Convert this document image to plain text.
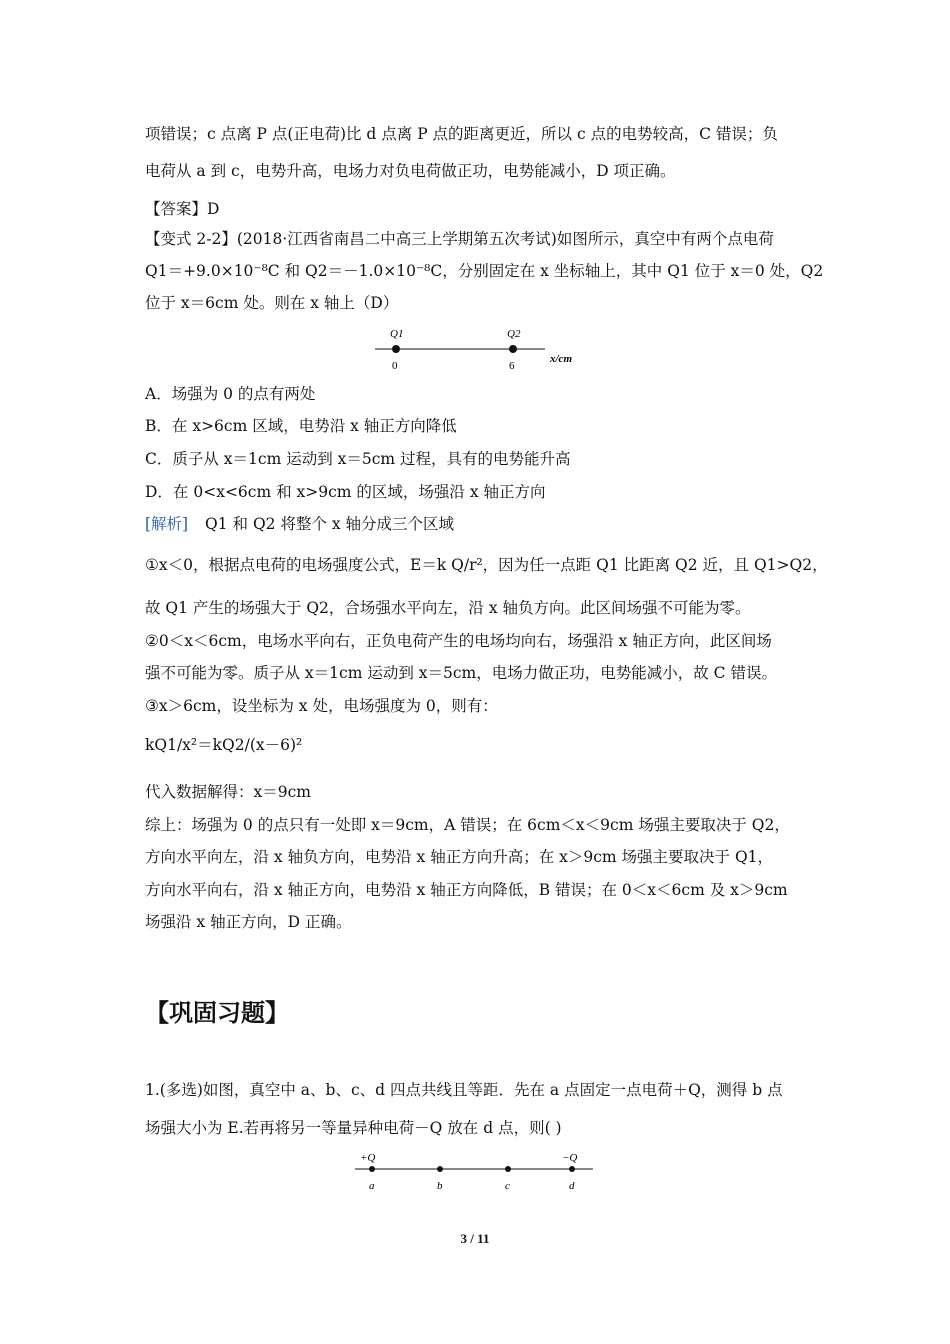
项错误；c 点离 P 点(正电荷)比 d 点离 P 点的距离更近，所以 c 点的电势较高，C 错误；负
电荷从 a 到 c，电势升高，电场力对负电荷做正功，电势能减小，D 项正确。
【答案】D
【变式 2-2】(2018·江西省南昌二中高三上学期第五次考试)如图所示，真空中有两个点电荷
Q1＝+9.0×10⁻⁸C 和 Q2＝－1.0×10⁻⁸C，分别固定在 x 坐标轴上，其中 Q1 位于 x＝0 处，Q2
位于 x＝6cm 处。则在 x 轴上（D）
Q1	Q2
0	6
x/cm
A．场强为 0 的点有两处
B．在 x>6cm 区域，电势沿 x 轴正方向降低
C．质子从 x＝1cm 运动到 x＝5cm 过程，具有的电势能升高
D．在 0<x<6cm 和 x>9cm 的区域，场强沿 x 轴正方向
[解析] Q1 和 Q2 将整个 x 轴分成三个区域
①x＜0，根据点电荷的电场强度公式，E＝k Q/r²，因为任一点距 Q1 比距离 Q2 近，且 Q1>Q2，
故 Q1 产生的场强大于 Q2，合场强水平向左，沿 x 轴负方向。此区间场强不可能为零。
②0＜x＜6cm，电场水平向右，正负电荷产生的电场均向右，场强沿 x 轴正方向，此区间场
强不可能为零。质子从 x＝1cm 运动到 x＝5cm，电场力做正功，电势能减小，故 C 错误。
③x＞6cm，设坐标为 x 处，电场强度为 0，则有：
kQ1/x²＝kQ2/(x－6)²
代入数据解得：x＝9cm
综上：场强为 0 的点只有一处即 x＝9cm，A 错误；在 6cm＜x＜9cm 场强主要取决于 Q2，
方向水平向左，沿 x 轴负方向，电势沿 x 轴正方向升高；在 x＞9cm 场强主要取决于 Q1，
方向水平向右，沿 x 轴正方向，电势沿 x 轴正方向降低，B 错误；在 0＜x＜6cm 及 x＞9cm
场强沿 x 轴正方向，D 正确。
【巩固习题】
1.(多选)如图，真空中 a、b、c、d 四点共线且等距．先在 a 点固定一点电荷＋Q，测得 b 点
场强大小为 E.若再将另一等量异种电荷－Q 放在 d 点，则( )
+Q	−Q
a	b	c	d
3 / 11
